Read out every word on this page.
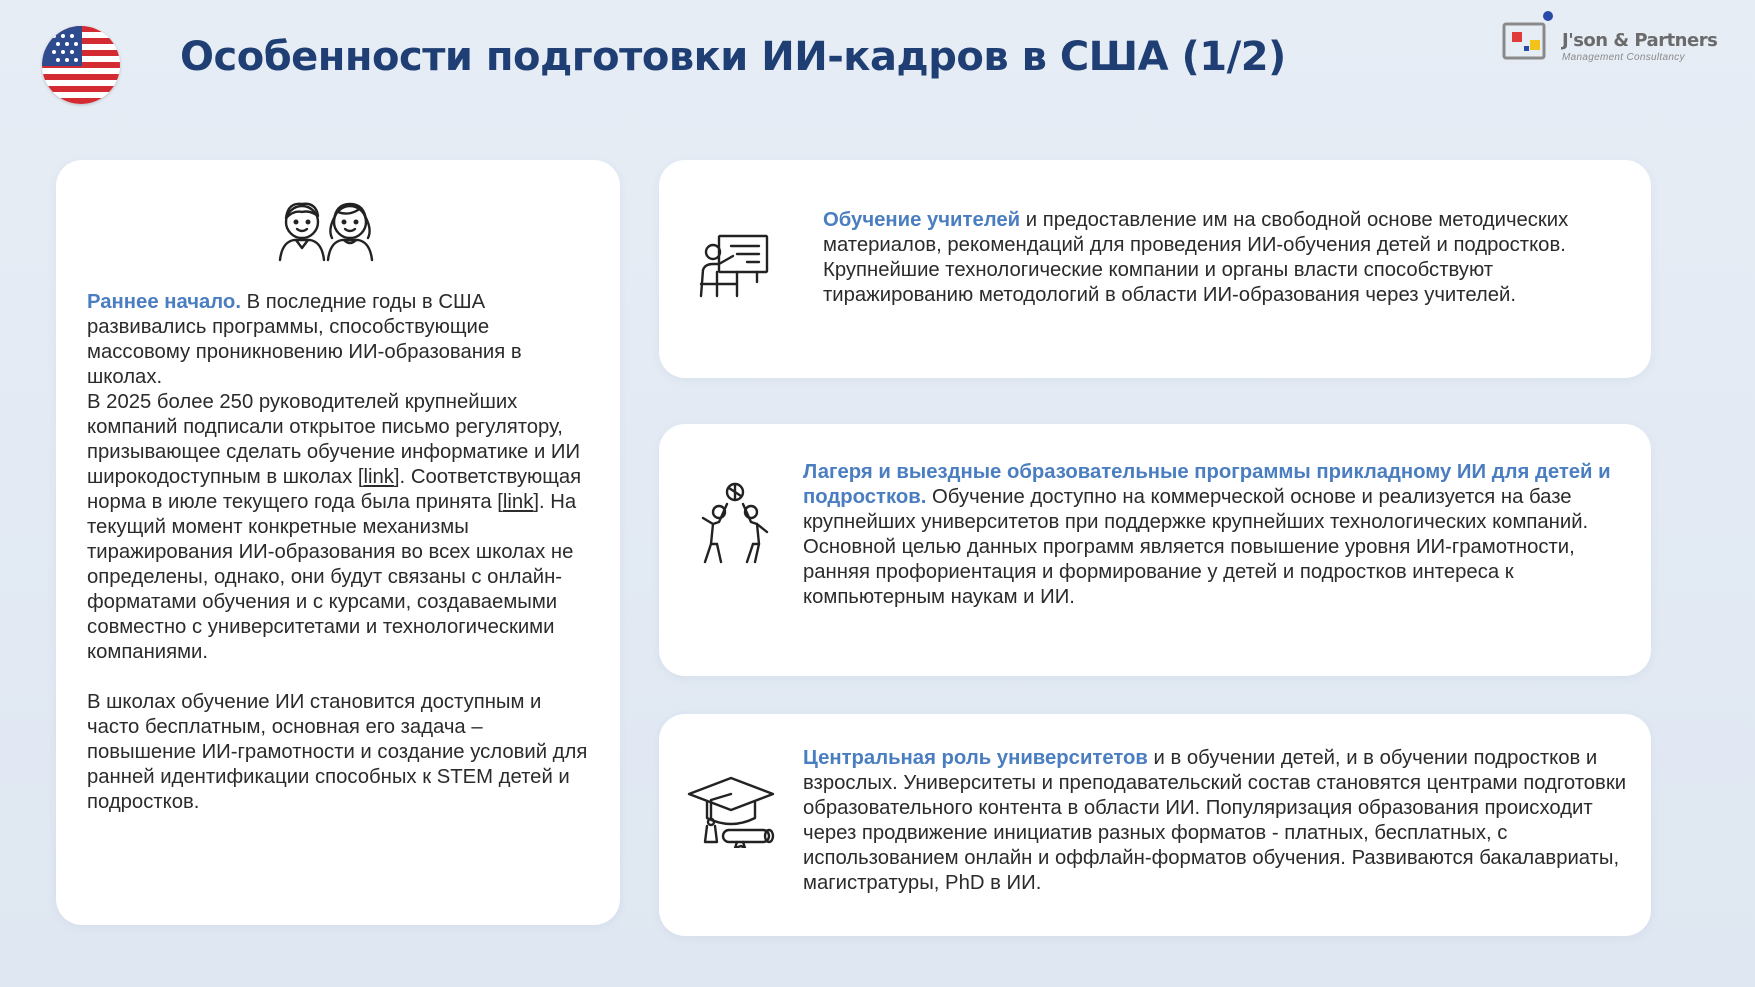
Особенности подготовки ИИ-кадров в США (1/2)	J'son & Partners
Management Consultancy

Раннее начало. В последние годы в США развивались программы, способствующие массовому проникновению ИИ-образования в школах.

В 2025 более 250 руководителей крупнейших компаний подписали открытое письмо регулятору, призывающее сделать обучение информатике и ИИ широкодоступным в школах [link]. Соответствующая норма в июле текущего года была принята [link]. На текущий момент конкретные механизмы тиражирования ИИ-образования во всех школах не определены, однако, они будут связаны с онлайн-форматами обучения и с курсами, создаваемыми совместно с университетами и технологическими компаниями.

В школах обучение ИИ становится доступным и часто бесплатным, основная его задача – повышение ИИ-грамотности и создание условий для ранней идентификации способных к STEM детей и подростков.

Обучение учителей и предоставление им на свободной основе методических материалов, рекомендаций для проведения ИИ-обучения детей и подростков. Крупнейшие технологические компании и органы власти способствуют тиражированию методологий в области ИИ-образования через учителей.
Лагеря и выездные образовательные программы прикладному ИИ для детей и подростков. Обучение доступно на коммерческой основе и реализуется на базе крупнейших университетов при поддержке крупнейших технологических компаний. Основной целью данных программ является повышение уровня ИИ-грамотности, ранняя профориентация и формирование у детей и подростков интереса к компьютерным наукам и ИИ.
Центральная роль университетов и в обучении детей, и в обучении подростков и взрослых. Университеты и преподавательский состав становятся центрами подготовки образовательного контента в области ИИ. Популяризация образования происходит через продвижение инициатив разных форматов - платных, бесплатных, с использованием онлайн и оффлайн-форматов обучения. Развиваются бакалавриаты, магистратуры, PhD в ИИ.
